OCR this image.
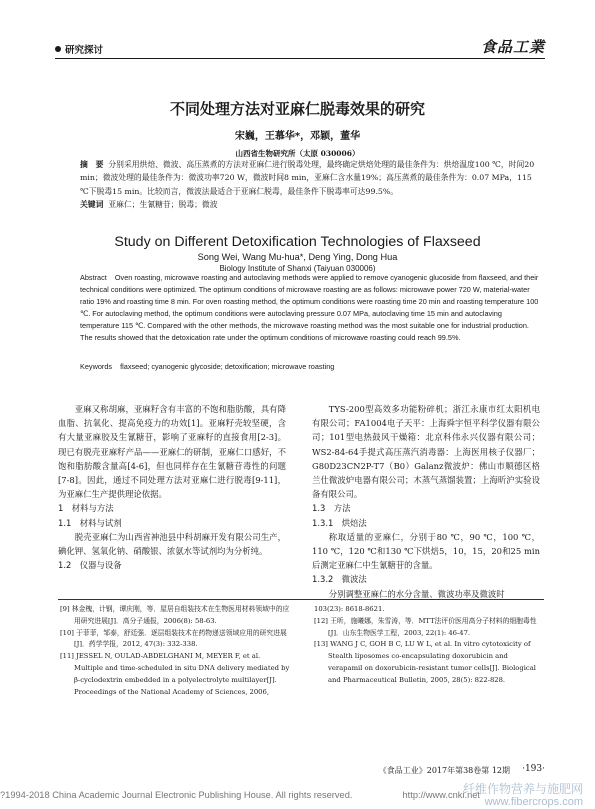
研究探讨	食品工業
不同处理方法对亚麻仁脱毒效果的研究
宋巍，王慕华*，邓颖，董华
山西省生物研究所（太原 030006）
摘　要 分别采用烘焙、微波、高压蒸煮的方法对亚麻仁进行脱毒处理，最终确定烘焙处理的最佳条件为：烘焙温度100 ℃，时间20 min；微波处理的最佳条件为：微波功率720 W，微波时间8 min，亚麻仁含水量19%；高压蒸煮的最佳条件为：0.07 MPa，115 ℃下脱毒15 min。比较而言，微波法最适合于亚麻仁脱毒，最佳条件下脱毒率可达99.5%。
关键词 亚麻仁；生氰糖苷；脱毒；微波
Study on Different Detoxification Technologies of Flaxseed
Song Wei, Wang Mu-hua*, Deng Ying, Dong Hua
Biology Institute of Shanxi (Taiyuan 030006)
Abstract Oven roasting, microwave roasting and autoclaving methods were applied to remove cyanogenic glucoside from flaxseed, and their technical conditions were optimized. The optimum conditions of microwave roasting are as follows: microwave power 720 W, material-water ratio 19% and roasting time 8 min. For oven roasting method, the optimum conditions were roasting time 20 min and roasting temperature 100 ℃. For autoclaving method, the optimum conditions were autoclaving pressure 0.07 MPa, autoclaving time 15 min and autoclaving temperature 115 ℃. Compared with the other methods, the microwave roasting method was the most suitable one for industrial production. The results showed that the detoxication rate under the optimum conditions of microwave roasting could reach 99.5%.
Keywords flaxseed; cyanogenic glycoside; detoxification; microwave roasting

亚麻又称胡麻，亚麻籽含有丰富的不饱和脂肪酸，具有降血脂、抗氧化、提高免疫力的功效[1]。亚麻籽壳较坚硬，含有大量亚麻胶及生氰糖苷，影响了亚麻籽的直接食用[2-3]。现已有脱壳亚麻籽产品——亚麻仁的研制，亚麻仁口感好，不饱和脂肪酸含量高[4-6]，但也同样存在生氰糖苷毒性的问题[7-8]。因此，通过不同处理方法对亚麻仁进行脱毒[9-11]，为亚麻仁生产提供理论依据。

1　材料与方法

1.1　材料与试剂

脱壳亚麻仁为山西省神池县中科胡麻开发有限公司生产，碘化钾、氢氧化钠、硝酸银、浓氨水等试剂均为分析纯。

1.2　仪器与设备

TYS-200型高效多功能粉碎机；浙江永康市红太阳机电有限公司；FA1004电子天平：上海舜宇恒平科学仪器有限公司；101型电热鼓风干燥箱：北京科伟永兴仪器有限公司；WS2-84-64手提式高压蒸汽消毒器：上海医用核子仪器厂；G80D23CN2P-T7（B0）Galanz微波炉：佛山市顺德区格兰仕微波炉电器有限公司；木蒸气蒸馏装置；上海昕沪实验设备有限公司。

1.3　方法

1.3.1　烘焙法

称取适量的亚麻仁，分别于80 ℃，90 ℃，100 ℃，110 ℃，120 ℃和130 ℃下烘焙5，10，15，20和25 min后测定亚麻仁中生氰糖苷的含量。

1.3.2　微波法

分别调整亚麻仁的水分含量、微波功率及微波时

[9] 林金槐，计钢，谭庆刚，等．屋居自组装技术在生物医用材料领域中的应用研究进展[J]．高分子通报，2006(8): 58-63.
[10] 于菲菲，邹泰，舒廷强．逐层组装技术在药物递送领域应用的研究进展[J]．药学学报，2012, 47(3): 332-338.
[11] JESSEL N, OULAD-ABDELGHANI M, MEYER F, et al. Multiple and time-scheduled in situ DNA delivery mediated by β-cyclodextrin embedded in a polyelectrolyte multilayer[J]. Proceedings of the National Academy of Sciences, 2006,
103(23): 8618-8621.
[12] 王昕，施曦娜，朱雪涛，等．MTT法评价医用高分子材料的细胞毒性[J]．山东生物医学工程，2003, 22(1): 46-47.
[13] WANG J C, GOH B C, LU W L, et al. In vitro cytotoxicity of Stealth liposomes co-encapsulating doxorubicin and verapamil on doxorubicin-resistant tumor cells[J]. Biological and Pharmaceutical Bulletin, 2005, 28(5): 822-828.
《食品工业》2017年第38卷第 12期 ·193·
?1994-2018 China Academic Journal Electronic Publishing House. All rights reserved.	http://www.cnki.net
纤维作物营养与施肥网
www.fibercrops.com
